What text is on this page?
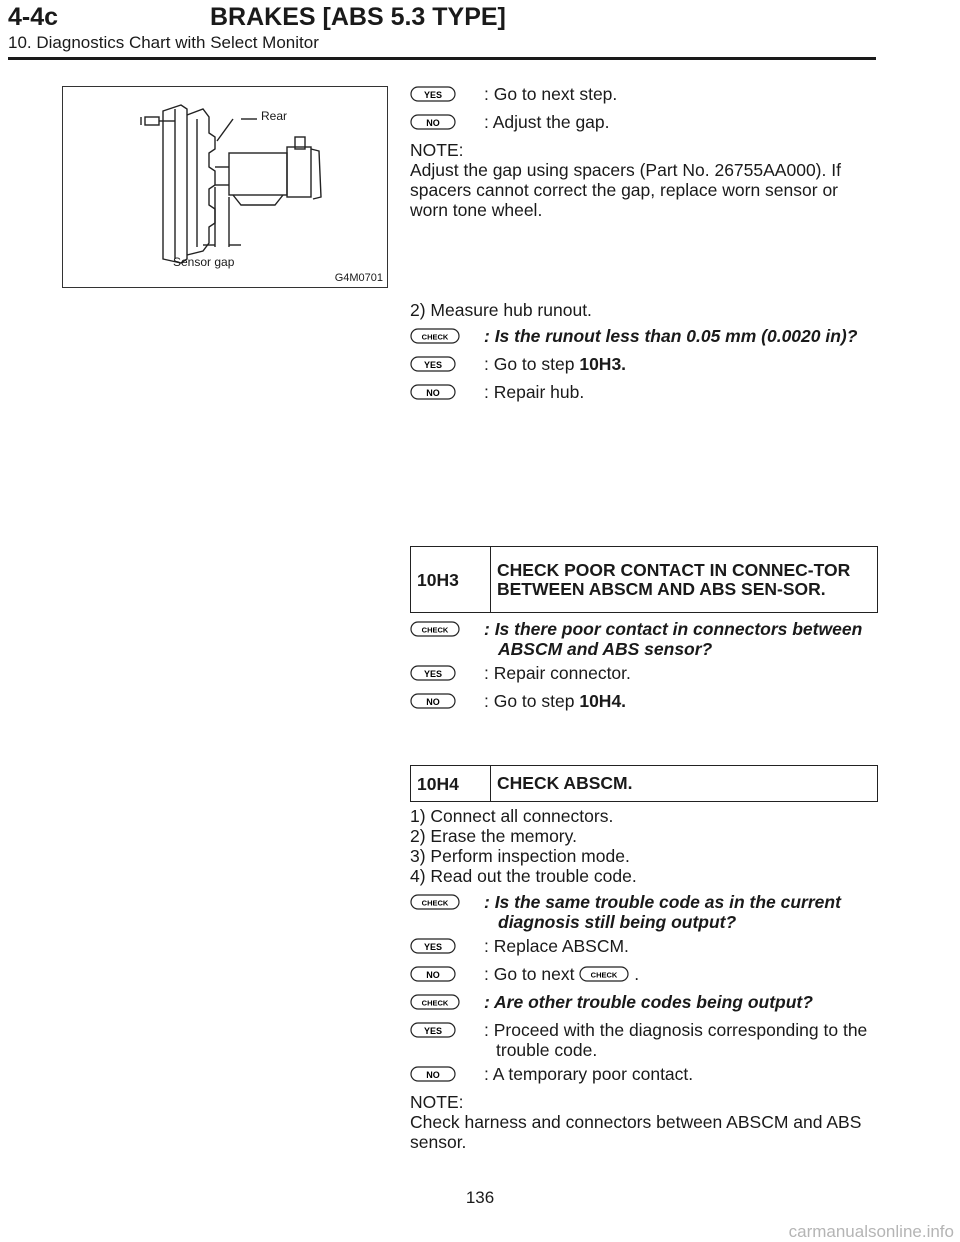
4-4c	BRAKES [ABS 5.3 TYPE]
10. Diagnostics Chart with Select Monitor
Rear
Sensor gap
G4M0701
YES : Go to next step.
NO	: Adjust the gap.

NOTE:

Adjust the gap using spacers (Part No. 26755AA000). If spacers cannot correct the gap, replace worn sensor or worn tone wheel.

2) Measure hub runout.

CHECK : Is the runout less than 0.05 mm (0.0020 in)?
YES : Go to step 10H3.
NO	: Repair hub.
10H3	CHECK POOR CONTACT IN CONNEC-TOR BETWEEN ABSCM AND ABS SEN-SOR.
CHECK : Is there poor contact in connectors between
ABSCM and ABS sensor?
YES : Repair connector.
NO	: Go to step 10H4.
10H4	CHECK ABSCM.

1) Connect all connectors.

2) Erase the memory.

3) Perform inspection mode.

4) Read out the trouble code.

CHECK : Is the same trouble code as in the current
diagnosis still being output?
YES : Replace ABSCM.
NO	: Go to next CHECK .
CHECK : Are other trouble codes being output?
YES : Proceed with the diagnosis corresponding to the
trouble code.
NO	: A temporary poor contact.

NOTE:

Check harness and connectors between ABSCM and ABS sensor.

136
carmanualsonline.info
